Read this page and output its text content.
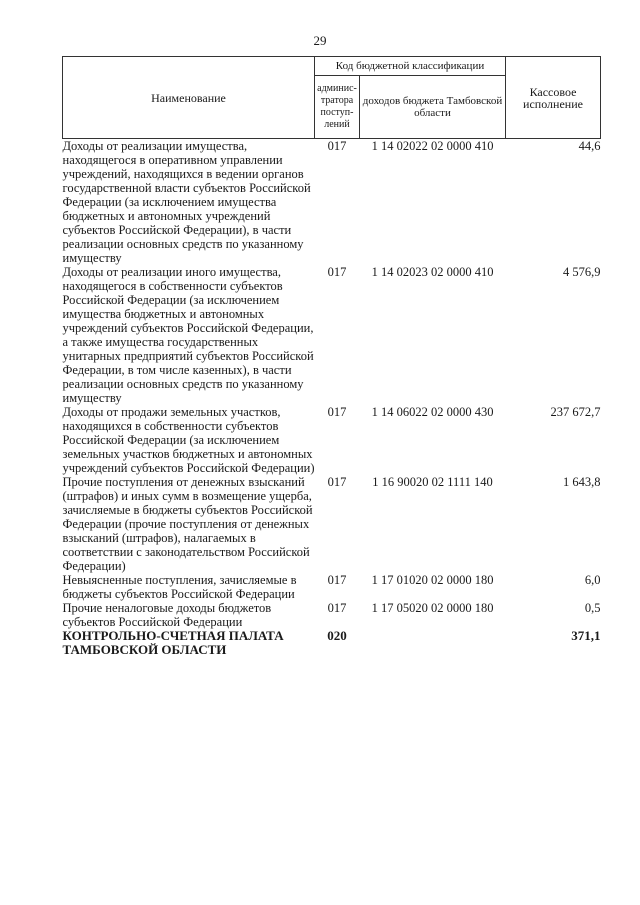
29
Наименование	Код бюджетной классификации		Кассовое исполнение
	админис-тратора поступ-лений	доходов бюджета Тамбовской области	
Доходы от реализации имущества, находящегося в оперативном управлении учреждений, находящихся в ведении органов государственной власти субъектов Российской Федерации (за исключением имущества бюджетных и автономных учреждений субъектов Российской Федерации), в части реализации основных средств по указанному имуществу	017	1 14 02022 02 0000 410	44,6
Доходы от реализации иного имущества, находящегося в собственности субъектов Российской Федерации (за исключением имущества бюджетных и автономных учреждений субъектов Российской Федерации, а также имущества государственных унитарных предприятий субъектов Российской Федерации, в том числе казенных), в части реализации основных средств по указанному имуществу	017	1 14 02023 02 0000 410	4 576,9
Доходы от продажи земельных участков, находящихся в собственности субъектов Российской Федерации (за исключением земельных участков бюджетных и автономных учреждений субъектов Российской Федерации)	017	1 14 06022 02 0000 430	237 672,7
Прочие поступления от денежных взысканий (штрафов) и иных сумм в возмещение ущерба, зачисляемые в бюджеты субъектов Российской Федерации (прочие поступления от денежных взысканий (штрафов), налагаемых в соответствии с законодательством Российской Федерации)	017	1 16 90020 02 1111 140	1 643,8
Невыясненные поступления, зачисляемые в бюджеты субъектов Российской Федерации	017	1 17 01020 02 0000 180	6,0
Прочие неналоговые доходы бюджетов субъектов Российской Федерации	017	1 17 05020 02 0000 180	0,5
КОНТРОЛЬНО-СЧЕТНАЯ ПАЛАТА ТАМБОВСКОЙ ОБЛАСТИ	020		371,1
